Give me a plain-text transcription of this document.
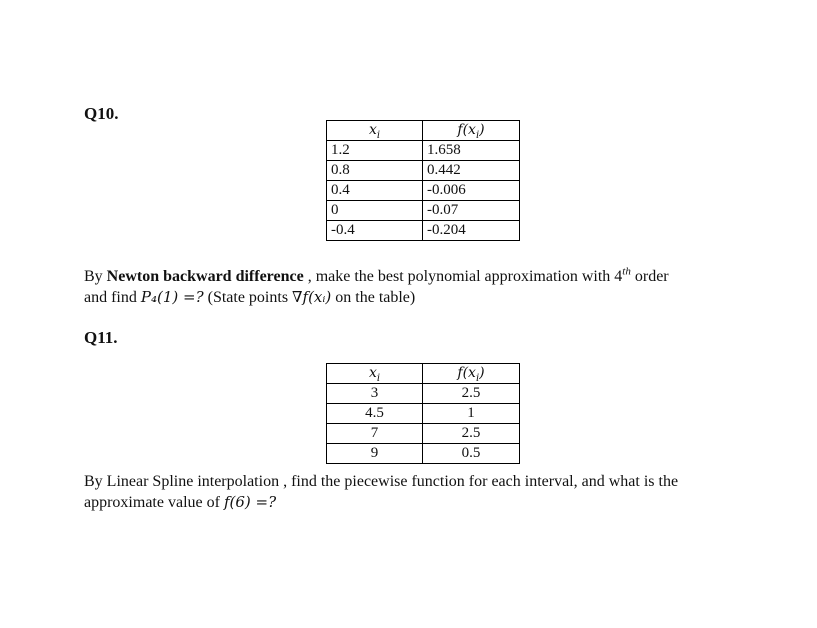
Q10.
$x_i$	$f(x_i)$
1.2	1.658
0.8	0.442
0.4	-0.006
0	-0.07
-0.4	-0.204
By Newton backward difference , make the best polynomial approximation with 4th order
and find P₄(1) =? (State points ∇f(xᵢ) on the table)
Q11.
$x_i$	$f(x_i)$
3	2.5
4.5	1
7	2.5
9	0.5
By Linear Spline interpolation , find the piecewise function for each interval, and what is the
approximate value of f(6) =?
